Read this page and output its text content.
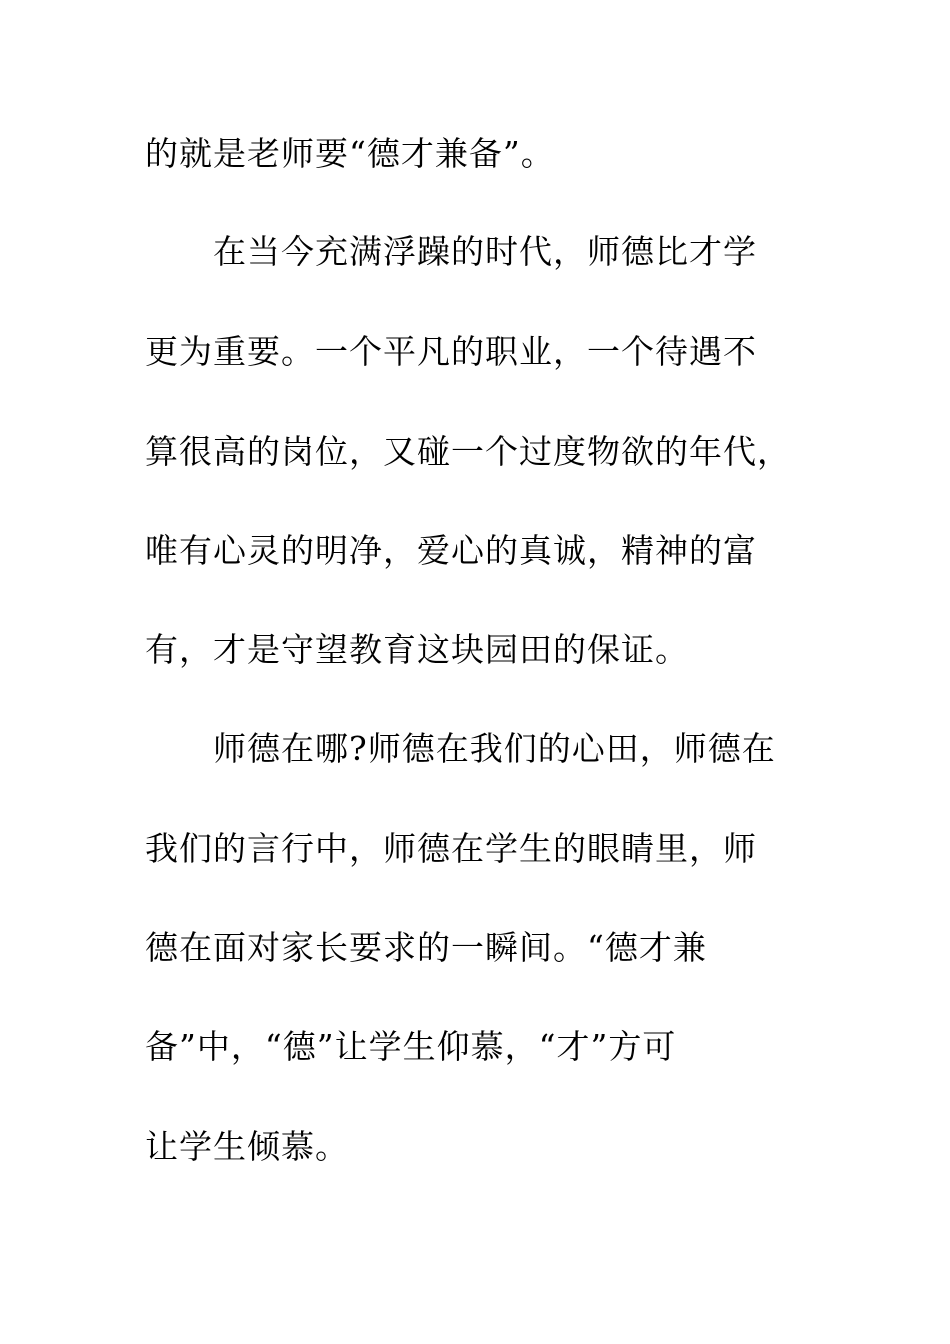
的就是老师要“德才兼备”。
在当今充满浮躁的时代，师德比才学
更为重要。一个平凡的职业，一个待遇不
算很高的岗位，又碰一个过度物欲的年代，
唯有心灵的明净，爱心的真诚，精神的富
有，才是守望教育这块园田的保证。
师德在哪?师德在我们的心田，师德在
我们的言行中，师德在学生的眼睛里，师
德在面对家长要求的一瞬间。“德才兼
备”中，“德”让学生仰慕，“才”方可
让学生倾慕。
